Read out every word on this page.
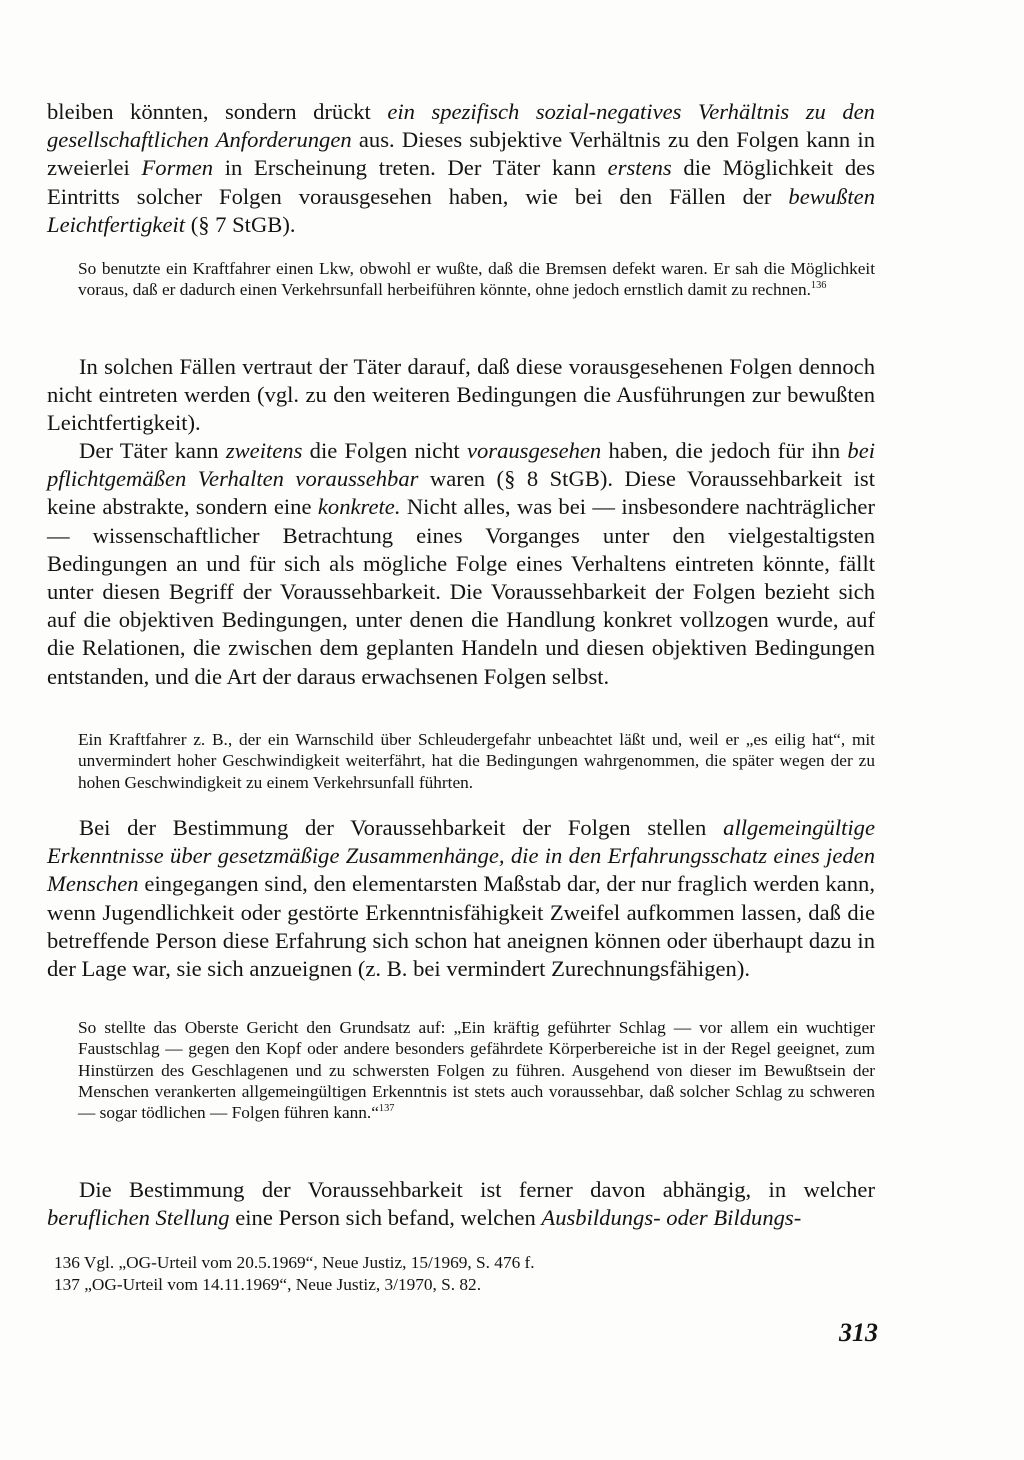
bleiben könnten, sondern drückt ein spezifisch sozial-negatives Verhältnis zu den gesellschaftlichen Anforderungen aus. Dieses subjektive Verhältnis zu den Folgen kann in zweierlei Formen in Erscheinung treten. Der Täter kann erstens die Möglichkeit des Eintritts solcher Folgen vorausgesehen haben, wie bei den Fällen der bewußten Leichtfertigkeit (§ 7 StGB).

So benutzte ein Kraftfahrer einen Lkw, obwohl er wußte, daß die Bremsen defekt waren. Er sah die Möglichkeit voraus, daß er dadurch einen Verkehrsunfall herbeiführen könnte, ohne jedoch ernstlich damit zu rechnen.$^{136}$

In solchen Fällen vertraut der Täter darauf, daß diese vorausgesehenen Folgen dennoch nicht eintreten werden (vgl. zu den weiteren Bedingungen die Ausführungen zur bewußten Leichtfertigkeit).

Der Täter kann zweitens die Folgen nicht vorausgesehen haben, die jedoch für ihn bei pflichtgemäßen Verhalten voraussehbar waren (§ 8 StGB). Diese Voraussehbarkeit ist keine abstrakte, sondern eine konkrete. Nicht alles, was bei — insbesondere nachträglicher — wissenschaftlicher Betrachtung eines Vorganges unter den vielgestaltigsten Bedingungen an und für sich als mögliche Folge eines Verhaltens eintreten könnte, fällt unter diesen Begriff der Voraussehbarkeit. Die Voraussehbarkeit der Folgen bezieht sich auf die objektiven Bedingungen, unter denen die Handlung konkret vollzogen wurde, auf die Relationen, die zwischen dem geplanten Handeln und diesen objektiven Bedingungen entstanden, und die Art der daraus erwachsenen Folgen selbst.

Ein Kraftfahrer z. B., der ein Warnschild über Schleudergefahr unbeachtet läßt und, weil er „es eilig hat“, mit unvermindert hoher Geschwindigkeit weiterfährt, hat die Bedingungen wahrgenommen, die später wegen der zu hohen Geschwindigkeit zu einem Verkehrsunfall führten.

Bei der Bestimmung der Voraussehbarkeit der Folgen stellen allgemeingültige Erkenntnisse über gesetzmäßige Zusammenhänge, die in den Erfahrungsschatz eines jeden Menschen eingegangen sind, den elementarsten Maßstab dar, der nur fraglich werden kann, wenn Jugendlichkeit oder gestörte Erkenntnisfähigkeit Zweifel aufkommen lassen, daß die betreffende Person diese Erfahrung sich schon hat aneignen können oder überhaupt dazu in der Lage war, sie sich anzueignen (z. B. bei vermindert Zurechnungsfähigen).

So stellte das Oberste Gericht den Grundsatz auf: „Ein kräftig geführter Schlag — vor allem ein wuchtiger Faustschlag — gegen den Kopf oder andere besonders gefährdete Körperbereiche ist in der Regel geeignet, zum Hinstürzen des Geschlagenen und zu schwersten Folgen zu führen. Ausgehend von dieser im Bewußtsein der Menschen verankerten allgemeingültigen Erkenntnis ist stets auch voraussehbar, daß solcher Schlag zu schweren — sogar tödlichen — Folgen führen kann.“$^{137}$

Die Bestimmung der Voraussehbarkeit ist ferner davon abhängig, in welcher beruflichen Stellung eine Person sich befand, welchen Ausbildungs- oder Bildungs-

136 Vgl. „OG-Urteil vom 20.5.1969“, Neue Justiz, 15/1969, S. 476 f.

137 „OG-Urteil vom 14.11.1969“, Neue Justiz, 3/1970, S. 82.

313
